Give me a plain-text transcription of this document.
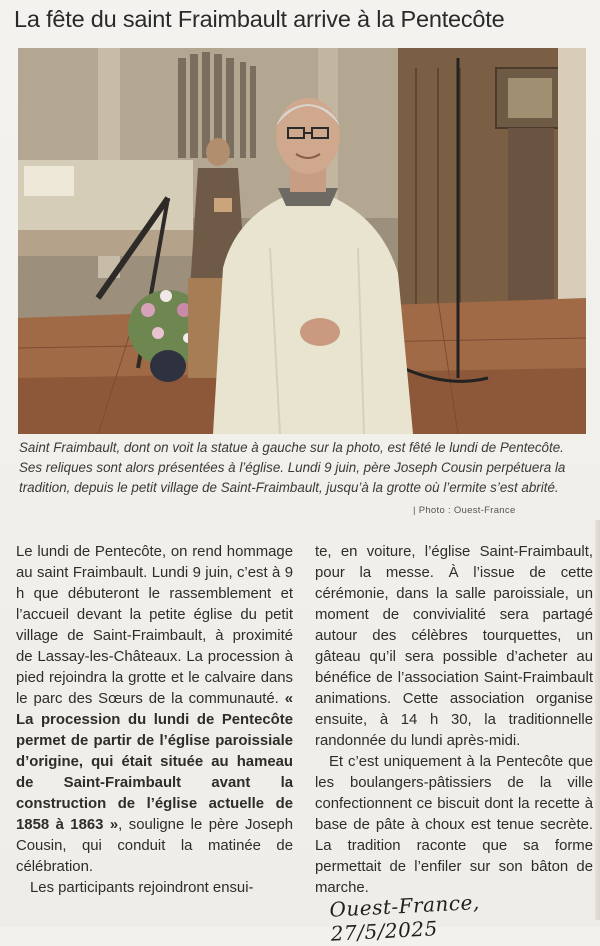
La fête du saint Fraimbault arrive à la Pentecôte
Saint Fraimbault, dont on voit la statue à gauche sur la photo, est fêté le lundi de Pentecôte. Ses reliques sont alors présentées à l’église. Lundi 9 juin, père Joseph Cousin perpétuera la tradition, depuis le petit village de Saint-Fraimbault, jusqu’à la grotte où l’ermite s’est abrité.
| Photo : Ouest-France

Le lundi de Pentecôte, on rend hommage au saint Fraimbault. Lundi 9 juin, c’est à 9 h que débuteront le rassemblement et l’accueil devant la petite église du petit village de Saint-Fraimbault, à proximité de Lassay-les-Châteaux. La procession à pied rejoindra la grotte et le calvaire dans le parc des Sœurs de la communauté. « La procession du lundi de Pentecôte permet de partir de l’église paroissiale d’origine, qui était située au hameau de Saint-Fraimbault avant la construction de l’église actuelle de 1858 à 1863 », souligne le père Joseph Cousin, qui conduit la matinée de célébration.

Les participants rejoindront ensui-

te, en voiture, l’église Saint-Fraimbault, pour la messe. À l’issue de cette cérémonie, dans la salle paroissiale, un moment de convivialité sera partagé autour des célèbres tourquettes, un gâteau qu’il sera possible d’acheter au bénéfice de l’association Saint-Fraimbault animations. Cette association organise ensuite, à 14 h 30, la traditionnelle randonnée du lundi après-midi.

Et c’est uniquement à la Pentecôte que les boulangers-pâtissiers de la ville confectionnent ce biscuit dont la recette à base de pâte à choux est tenue secrète. La tradition raconte que sa forme permettait de l’enfiler sur son bâton de marche.

Ouest-France, 27/5/2025
